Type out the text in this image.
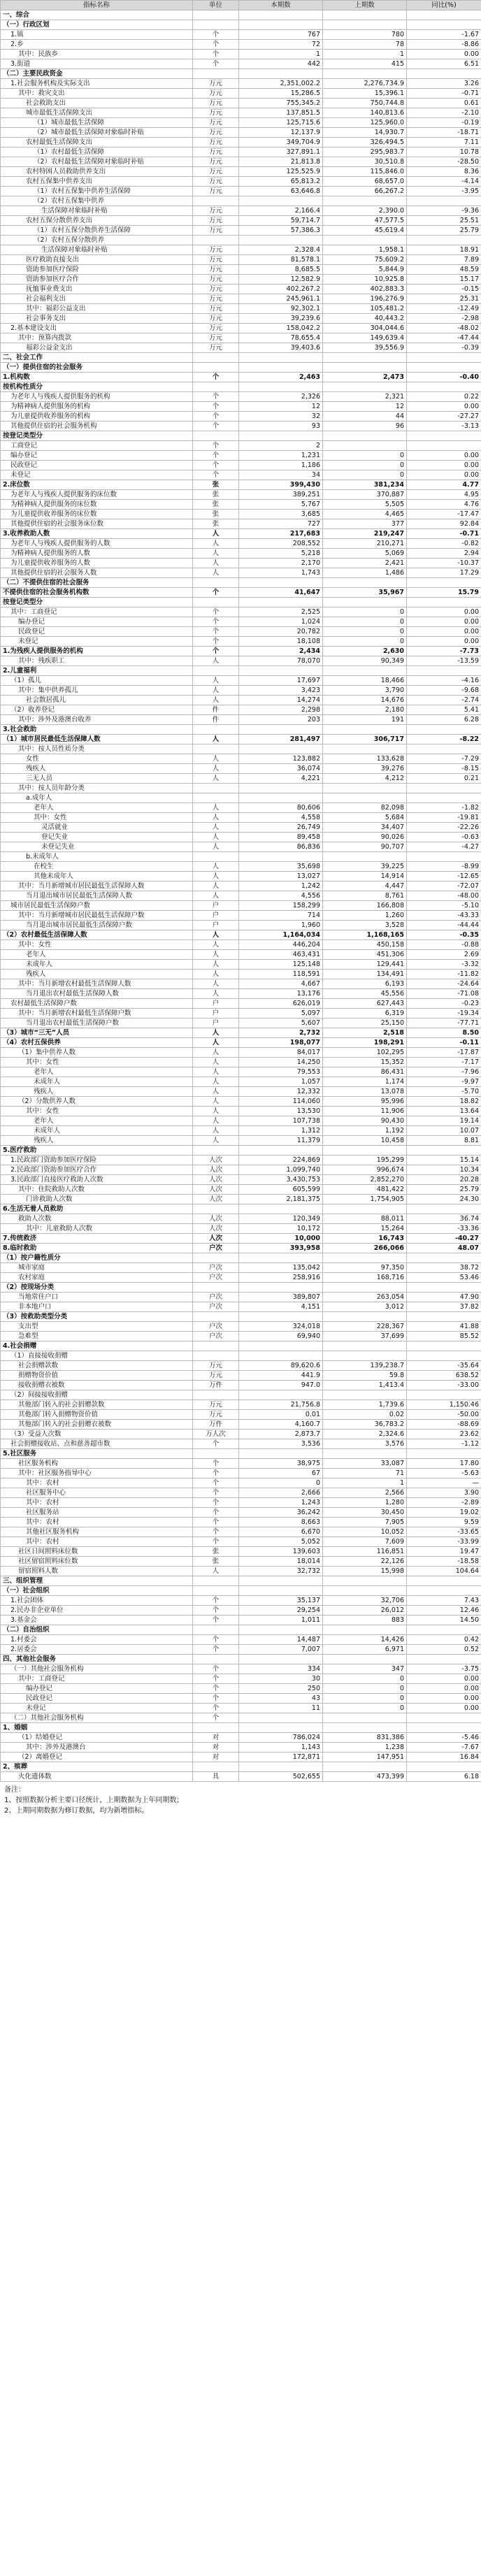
指标名称	单位	本期数	上期数	同比(%)
一、综合				
（一）行政区划				
1.镇	个	767	780	-1.67
2.乡	个	72	78	-8.86
其中：民族乡	个	1	1	0.00
3.街道	个	442	415	6.51
（二）主要民政资金				
1.社会服务机构及实际支出	万元	2,351,002.2	2,276,734.9	3.26
其中：救灾支出	万元	15,286.5	15,396.1	-0.71
社会救助支出	万元	755,345.2	750,744.8	0.61
城市最低生活保障支出	万元	137,851.5	140,813.6	-2.10
（1）城市最低生活保障	万元	125,715.6	125,960.0	-0.19
（2）城市最低生活保障对象临时补贴	万元	12,137.9	14,930.7	-18.71
农村最低生活保障支出	万元	349,704.9	326,494.5	7.11
（1）农村最低生活保障	万元	327,891.1	295,983.7	10.78
（2）农村最低生活保障对象临时补贴	万元	21,813.8	30,510.8	-28.50
农村特困人员救助供养支出	万元	125,525.9	115,846.0	8.36
农村五保集中供养支出	万元	65,813.2	68,657.0	-4.14
（1）农村五保集中供养生活保障	万元	63,646.8	66,267.2	-3.95
（2）农村五保集中供养				
生活保障对象临时补贴	万元	2,166.4	2,390.0	-9.36
农村五保分散供养支出	万元	59,714.7	47,577.5	25.51
（1）农村五保分散供养生活保障	万元	57,386.3	45,619.4	25.79
（2）农村五保分散供养				
生活保障对象临时补贴	万元	2,328.4	1,958.1	18.91
医疗救助直接支出	万元	81,578.1	75,609.2	7.89
资助参加医疗保险	万元	8,685.5	5,844.9	48.59
资助参加医疗合作	万元	12,582.9	10,925.8	15.17
抚恤事业费支出	万元	402,267.2	402,883.3	-0.15
社会福利支出	万元	245,961.1	196,276.9	25.31
其中：福彩公益支出	万元	92,302.1	105,481.2	-12.49
社会事务支出	万元	39,239.6	40,443.2	-2.98
2.基本建设支出	万元	158,042.2	304,044.6	-48.02
其中：预算内拨款	万元	78,655.4	149,639.4	-47.44
福彩公益金支出	万元	39,403.6	39,556.9	-0.39
二、社会工作				
（一）提供住宿的社会服务				
1.机构数	个	2,463	2,473	-0.40
按机构性质分				
为老年人与残疾人提供服务的机构	个	2,326	2,321	0.22
为精神病人提供服务的机构	个	12	12	0.00
为儿童提供收养服务的机构	个	32	44	-27.27
其他提供住宿的社会服务机构	个	93	96	-3.13
按登记类型分				
工商登记	个	2		
编办登记	个	1,231	0	0.00
民政登记	个	1,186	0	0.00
未登记	个	34	0	0.00
2.床位数	张	399,430	381,234	4.77
为老年人与残疾人提供服务的床位数	张	389,251	370,887	4.95
为精神病人提供服务的床位数	张	5,767	5,505	4.76
为儿童提供收养服务的床位数	张	3,685	4,465	-17.47
其他提供住宿的社会服务床位数	张	727	377	92.84
3.收养救助人数	人	217,683	219,247	-0.71
为老年人与残疾人提供服务的人数	人	208,552	210,271	-0.82
为精神病人提供服务的人数	人	5,218	5,069	2.94
为儿童提供收养服务的人数	人	2,170	2,421	-10.37
其他提供住宿的社会服务人数	人	1,743	1,486	17.29
（二）不提供住宿的社会服务				
不提供住宿的社会服务机构数	个	41,647	35,967	15.79
按登记类型分				
其中：工商登记	个	2,525	0	0.00
编办登记	个	1,024	0	0.00
民政登记	个	20,782	0	0.00
未登记	个	18,108	0	0.00
1.为残疾人提供服务的机构	个	2,434	2,630	-7.73
其中：残疾职工	人	78,070	90,349	-13.59
2.儿童福利				
（1）孤儿	人	17,697	18,466	-4.16
其中：集中供养孤儿	人	3,423	3,790	-9.68
社会散居孤儿	人	14,274	14,676	-2.74
（2）收养登记	件	2,298	2,180	5.41
其中：涉外及港澳台收养	件	203	191	6.28
3.社会救助				
（1）城市居民最低生活保障人数	人	281,497	306,717	-8.22
其中：按人员性质分类				
女性	人	123,882	133,628	-7.29
残疾人	人	36,074	39,276	-8.15
三无人员	人	4,221	4,212	0.21
其中：按人员年龄分类				
a.成年人				
老年人	人	80,606	82,098	-1.82
其中：女性	人	4,558	5,684	-19.81
灵活就业	人	26,749	34,407	-22.26
登记失业	人	89,458	90,026	-0.63
未登记失业	人	86,836	90,707	-4.27
b.未成年人				
在校生	人	35,698	39,225	-8.99
其他未成年人	人	13,027	14,914	-12.65
其中：当月新增城市居民最低生活保障人数	人	1,242	4,447	-72.07
当月退出城市居民最低生活保障人数	人	4,556	8,761	-48.00
城市居民最低生活保障户数	户	158,299	166,808	-5.10
其中：当月新增城市居民最低生活保障户数	户	714	1,260	-43.33
当月退出城市居民最低生活保障户数	户	1,960	3,528	-44.44
（2）农村最低生活保障人数	人	1,164,034	1,168,165	-0.35
其中：女性	人	446,204	450,158	-0.88
老年人	人	463,431	451,306	2.69
未成年人	人	125,148	129,441	-3.32
残疾人	人	118,591	134,491	-11.82
其中：当月新增农村最低生活保障人数	人	4,667	6,193	-24.64
当月退出农村最低生活保障人数	人	13,176	45,556	-71.08
农村最低生活保障户数	户	626,019	627,443	-0.23
其中：当月新增农村最低生活保障户数	户	5,097	6,319	-19.34
当月退出农村最低生活保障户数	户	5,607	25,150	-77.71
（3）城市“三无”人员	人	2,732	2,518	8.50
（4）农村五保供养	人	198,077	198,291	-0.11
（1）集中供养人数	人	84,017	102,295	-17.87
其中：女性	人	14,250	15,352	-7.17
老年人	人	79,553	86,431	-7.96
未成年人	人	1,057	1,174	-9.97
残疾人	人	12,332	13,078	-5.70
（2）分散供养人数	人	114,060	95,996	18.82
其中：女性	人	13,530	11,906	13.64
老年人	人	107,738	90,430	19.14
未成年人	人	1,312	1,192	10.07
残疾人	人	11,379	10,458	8.81
5.医疗救助				
1.民政部门资助参加医疗保险	人次	224,869	195,299	15.14
2.民政部门资助参加医疗合作	人次	1,099,740	996,674	10.34
3.民政部门直接医疗救助人次数	人次	3,430,753	2,852,270	20.28
其中：住院救助人次数	人次	605,599	481,422	25.79
门诊救助人次数	人次	2,181,375	1,754,905	24.30
6.生活无着人员救助				
救助人次数	人次	120,349	88,011	36.74
其中：儿童救助人次数	人次	10,172	15,264	-33.36
7.传统救济	人次	10,000	16,743	-40.27
8.临时救助	户次	393,958	266,066	48.07
（1）按户籍性质分				
城市家庭	户次	135,042	97,350	38.72
农村家庭	户次	258,916	168,716	53.46
（2）按现场分类				
当地常住户口	户次	389,807	263,054	47.90
非本地户口	户次	4,151	3,012	37.82
（3）按救助类型分类				
支出型	户次	324,018	228,367	41.88
急难型	户次	69,940	37,699	85.52
4.社会捐赠				
（1）直接接收捐赠				
社会捐赠款数	万元	89,620.6	139,238.7	-35.64
捐赠物资价值	万元	441.9	59.8	638.52
接收捐赠衣被数	万件	947.0	1,413.4	-33.00
（2）间接接收捐赠				
其他部门转入的社会捐赠款数	万元	21,756.8	1,739.6	1,150.46
其他部门转入捐赠物资价值	万元	0.01	0.02	-50.00
其他部门转入的社会捐赠衣被数	万件	4,160.7	36,783.2	-88.69
（3）受益人次数	万人次	2,873.7	2,324.6	23.62
社会捐赠接收站、点和慈善超市数	个	3,536	3,576	-1.12
5.社区服务				
社区服务机构	个	38,975	33,087	17.80
其中：社区服务指导中心	个	67	71	-5.63
其中：农村	个	0	1	—
社区服务中心	个	2,666	2,566	3.90
其中：农村	个	1,243	1,280	-2.89
社区服务站	个	36,242	30,450	19.02
其中：农村	个	8,663	7,905	9.59
其他社区服务机构	个	6,670	10,052	-33.65
其中：农村	个	5,052	7,609	-33.99
社区日间照料床位数	张	139,603	116,851	19.47
社区留宿照料床位数	张	18,014	22,126	-18.58
留宿照料人数	人	32,732	15,998	104.64
三、组织管理				
（一）社会组织				
1.社会团体	个	35,137	32,706	7.43
2.民办非企业单位	个	29,254	26,012	12.46
3.基金会	个	1,011	883	14.50
（二）自治组织				
1.村委会	个	14,487	14,426	0.42
2.居委会	个	7,007	6,971	0.52
四、其他社会服务				
（一）其他社会服务机构	个	334	347	-3.75
其中：工商登记	个	30	0	0.00
编办登记	个	250	0	0.00
民政登记	个	43	0	0.00
未登记	个	11	0	0.00
（二）其他社会服务机构	个			
1、婚姻				
（1）结婚登记	对	786,024	831,386	-5.46
其中：涉外及港澳台	对	1,143	1,238	-7.67
（2）离婚登记	对	172,871	147,951	16.84
2、殡葬				
火化遗体数	具	502,655	473,399	6.18
备注：
1、按照数据分析主要口径统计，上期数据为上年同期数；
2、上期同期数据为修订数据，均为新增指标。
